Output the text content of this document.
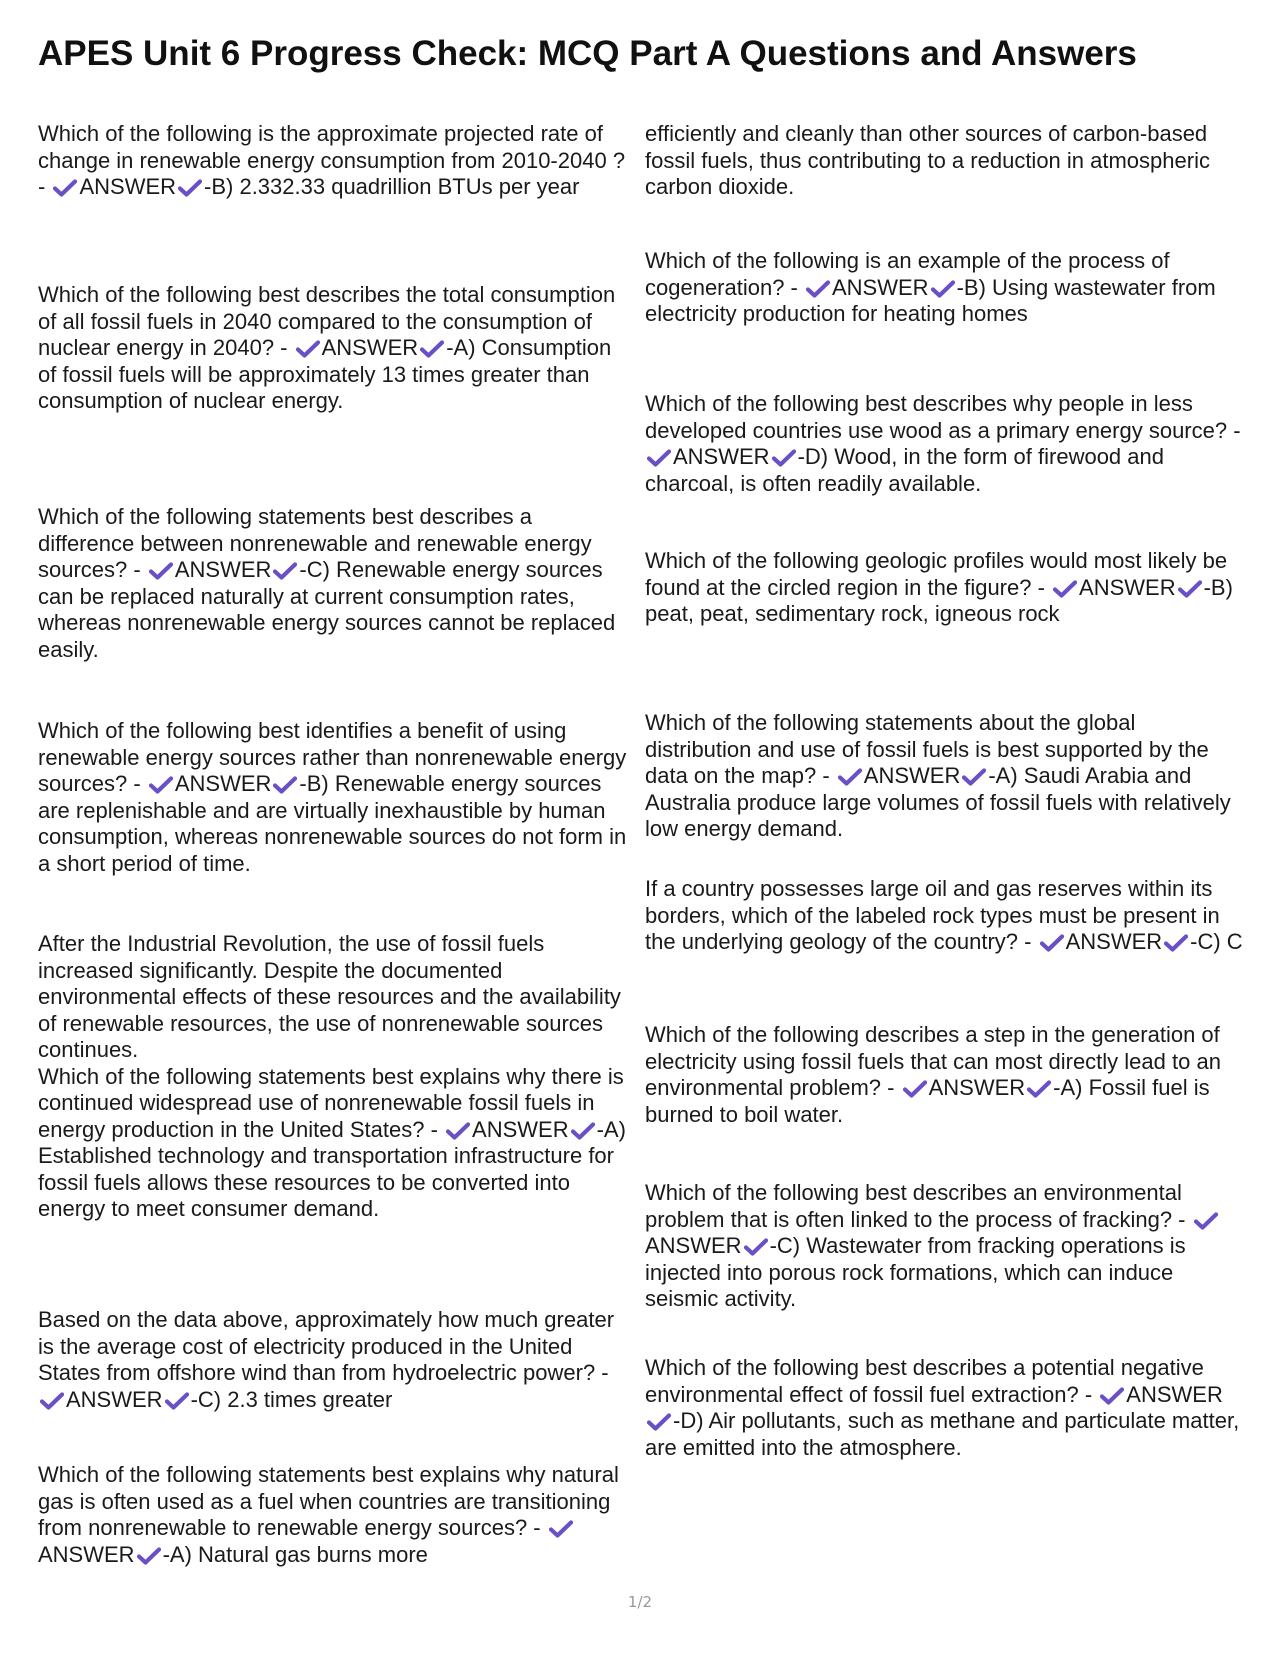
APES Unit 6 Progress Check: MCQ Part A Questions and Answers

Which of the following is the approximate projected rate of change in renewable energy consumption from 2010-2040 ? -
ANSWER -B) 2.332.33 quadrillion BTUs per year

Which of the following best describes the total consumption of all fossil fuels in 2040 compared to the consumption of nuclear energy in 2040? -
ANSWER -A) Consumption of fossil fuels will be approximately 13 times greater than consumption of nuclear energy.

Which of the following statements best describes a difference between nonrenewable and renewable energy sources? -
ANSWER -C) Renewable energy sources can be replaced naturally at current consumption rates, whereas nonrenewable energy sources cannot be replaced easily.

Which of the following best identifies a benefit of using renewable energy sources rather than nonrenewable energy sources? -
ANSWER -B) Renewable energy sources are replenishable and are virtually inexhaustible by human consumption, whereas nonrenewable sources do not form in a short period of time.

After the Industrial Revolution, the use of fossil fuels increased significantly. Despite the documented environmental effects of these resources and the availability of renewable resources, the use of nonrenewable sources continues.
Which of the following statements best explains why there is continued widespread use of nonrenewable fossil fuels in energy production in the United States? -
ANSWER -A) Established technology and transportation infrastructure for fossil fuels allows these resources to be converted into energy to meet consumer demand.

Based on the data above, approximately how much greater is the average cost of electricity produced in the United States from offshore wind than from hydroelectric power? -
ANSWER -C) 2.3 times greater

Which of the following statements best explains why natural gas is often used as a fuel when countries are transitioning from nonrenewable to renewable energy sources? -
ANSWER -A) Natural gas burns more

efficiently and cleanly than other sources of carbon-based fossil fuels, thus contributing to a reduction in atmospheric carbon dioxide.

Which of the following is an example of the process of cogeneration? -
ANSWER -B) Using wastewater from electricity production for heating homes

Which of the following best describes why people in less developed countries use wood as a primary energy source? -
ANSWER -D) Wood, in the form of firewood and charcoal, is often readily available.

Which of the following geologic profiles would most likely be found at the circled region in the figure? -
ANSWER -B) peat, peat, sedimentary rock, igneous rock

Which of the following statements about the global distribution and use of fossil fuels is best supported by the data on the map? -
ANSWER -A) Saudi Arabia and Australia produce large volumes of fossil fuels with relatively low energy demand.

If a country possesses large oil and gas reserves within its borders, which of the labeled rock types must be present in the underlying geology of the country? -
ANSWER -C) C

Which of the following describes a step in the generation of electricity using fossil fuels that can most directly lead to an environmental problem? -
ANSWER -A) Fossil fuel is burned to boil water.

Which of the following best describes an environmental problem that is often linked to the process of fracking? -
ANSWER -C) Wastewater from fracking operations is injected into porous rock formations, which can induce seismic activity.

Which of the following best describes a potential negative environmental effect of fossil fuel extraction? -
ANSWER
-D) Air pollutants, such as methane and particulate matter, are emitted into the atmosphere.

1/2
